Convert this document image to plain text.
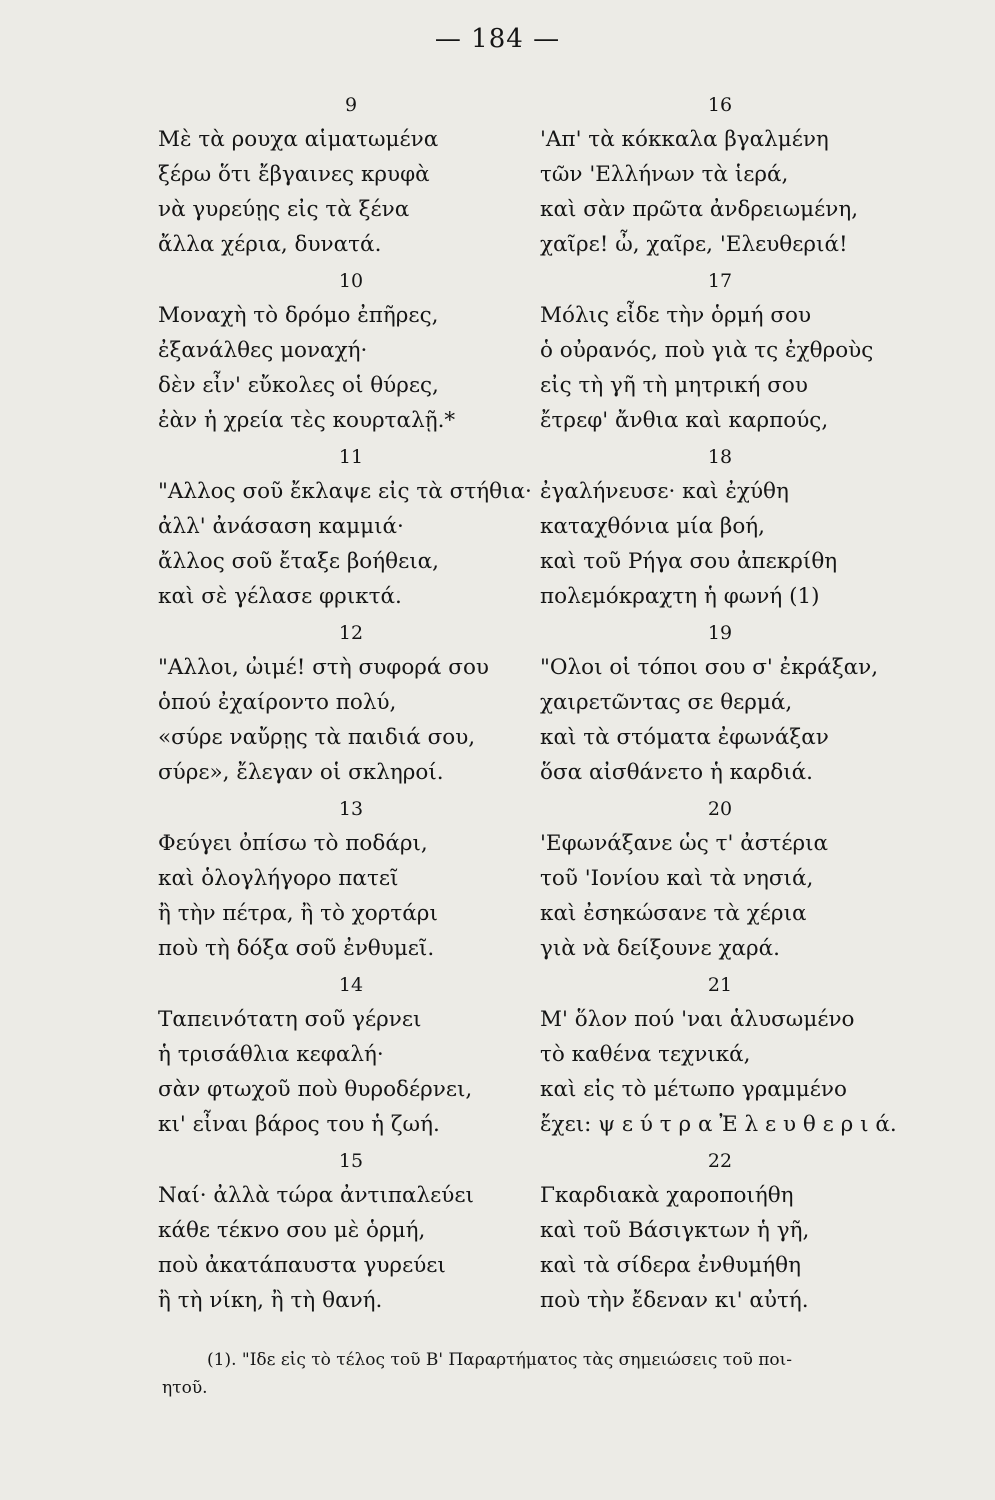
— 184 —
9
Μὲ τὰ ρουχα αἱματωμένα
ξέρω ὅτι ἔβγαινες κρυφὰ
νὰ γυρεύῃς εἰς τὰ ξένα
ἄλλα χέρια, δυνατά.
10
Μοναχὴ τὸ δρόμο ἐπῆρες,
ἐξανάλθες μοναχή·
δὲν εἶν' εὔκολες οἱ θύρες,
ἐὰν ἡ χρεία τὲς κουρταλῇ.*
11
"Αλλος σοῦ ἔκλαψε εἰς τὰ στήθια·
ἀλλ' ἀνάσαση καμμιά·
ἄλλος σοῦ ἔταξε βοήθεια,
καὶ σὲ γέλασε φρικτά.
12
"Αλλοι, ὠιμέ! στὴ συφορά σου
ὁπού ἐχαίροντο πολύ,
«σύρε ναὔρῃς τὰ παιδιά σου,
σύρε», ἔλεγαν οἱ σκληροί.
13
Φεύγει ὀπίσω τὸ ποδάρι,
καὶ ὁλογλήγορο πατεῖ
ἢ τὴν πέτρα, ἢ τὸ χορτάρι
ποὺ τὴ δόξα σοῦ ἐνθυμεῖ.
14
Ταπεινότατη σοῦ γέρνει
ἡ τρισάθλια κεφαλή·
σὰν φτωχοῦ ποὺ θυροδέρνει,
κι' εἶναι βάρος του ἡ ζωή.
15
Ναί· ἀλλὰ τώρα ἀντιπαλεύει
κάθε τέκνο σου μὲ ὁρμή,
ποὺ ἀκατάπαυστα γυρεύει
ἢ τὴ νίκη, ἢ τὴ θανή.
16
'Απ' τὰ κόκκαλα βγαλμένη
τῶν 'Ελλήνων τὰ ἱερά,
καὶ σὰν πρῶτα ἀνδρειωμένη,
χαῖρε! ὦ, χαῖρε, 'Ελευθεριά!
17
Μόλις εἶδε τὴν ὁρμή σου
ὁ οὐρανός, ποὺ γιὰ τς ἐχθροὺς
εἰς τὴ γῆ τὴ μητρική σου
ἔτρεφ' ἄνθια καὶ καρπούς,
18
ἐγαλήνευσε· καὶ ἐχύθη
καταχθόνια μία βοή,
καὶ τοῦ Ρήγα σου ἀπεκρίθη
πολεμόκραχτη ἡ φωνή (1)
19
"Ολοι οἱ τόποι σου σ' ἐκράξαν,
χαιρετῶντας σε θερμά,
καὶ τὰ στόματα ἐφωνάξαν
ὅσα αἰσθάνετο ἡ καρδιά.
20
'Εφωνάξανε ὡς τ' ἀστέρια
τοῦ 'Ιονίου καὶ τὰ νησιά,
καὶ ἐσηκώσανε τὰ χέρια
γιὰ νὰ δείξουνε χαρά.
21
Μ' ὅλον πού 'ναι ἁλυσωμένο
τὸ καθένα τεχνικά,
καὶ εἰς τὸ μέτωπο γραμμένο
ἔχει: ψ ε ύ τ ρ α Ἐ λ ε υ θ ε ρ ι ά.
22
Γκαρδιακὰ χαροποιήθη
καὶ τοῦ Βάσιγκτων ἡ γῆ,
καὶ τὰ σίδερα ἐνθυμήθη
ποὺ τὴν ἔδεναν κι' αὐτή.
(1). "Ιδε εἰς τὸ τέλος τοῦ Β' Παραρτήματος τὰς σημειώσεις τοῦ ποι-
ητοῦ.
